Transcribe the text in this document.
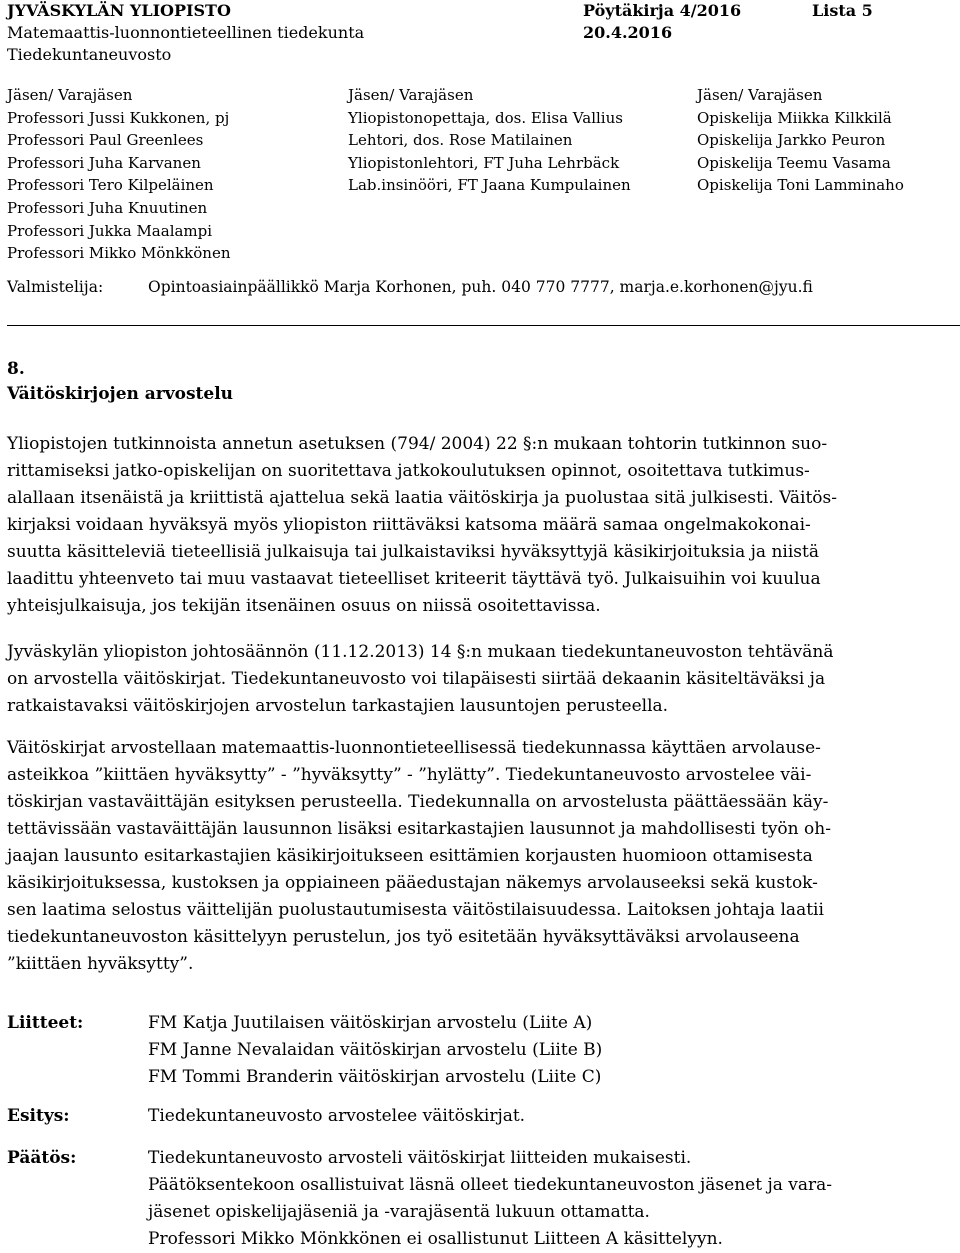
JYVÄSKYLÄN YLIOPISTO
Matemaattis-luonnontieteellinen tiedekunta
Tiedekuntaneuvosto
Pöytäkirja 4/2016
20.4.2016
Lista 5
Jäsen/ Varajäsen
Professori Jussi Kukkonen, pj
Professori Paul Greenlees
Professori Juha Karvanen
Professori Tero Kilpeläinen
Professori Juha Knuutinen
Professori Jukka Maalampi
Professori Mikko Mönkkönen
Jäsen/ Varajäsen
Yliopistonopettaja, dos. Elisa Vallius
Lehtori, dos. Rose Matilainen
Yliopistonlehtori, FT Juha Lehrbäck
Lab.insinööri, FT Jaana Kumpulainen
Jäsen/ Varajäsen
Opiskelija Miikka Kilkkilä
Opiskelija Jarkko Peuron
Opiskelija Teemu Vasama
Opiskelija Toni Lamminaho
Valmistelija:	Opintoasiainpäällikkö Marja Korhonen, puh. 040 770 7777, marja.e.korhonen@jyu.fi
8.
Väitöskirjojen arvostelu

Yliopistojen tutkinnoista annetun asetuksen (794/ 2004) 22 §:n mukaan tohtorin tutkinnon suo-
rittamiseksi jatko-opiskelijan on suoritettava jatkokoulutuksen opinnot, osoitettava tutkimus-
alallaan itsenäistä ja kriittistä ajattelua sekä laatia väitöskirja ja puolustaa sitä julkisesti. Väitös-
kirjaksi voidaan hyväksyä myös yliopiston riittäväksi katsoma määrä samaa ongelmakokonai-
suutta käsitteleviä tieteellisiä julkaisuja tai julkaistaviksi hyväksyttyjä käsikirjoituksia ja niistä
laadittu yhteenveto tai muu vastaavat tieteelliset kriteerit täyttävä työ. Julkaisuihin voi kuulua
yhteisjulkaisuja, jos tekijän itsenäinen osuus on niissä osoitettavissa.

Jyväskylän yliopiston johtosäännön (11.12.2013) 14 §:n mukaan tiedekuntaneuvoston tehtävänä
on arvostella väitöskirjat. Tiedekuntaneuvosto voi tilapäisesti siirtää dekaanin käsiteltäväksi ja
ratkaistavaksi väitöskirjojen arvostelun tarkastajien lausuntojen perusteella.

Väitöskirjat arvostellaan matemaattis-luonnontieteellisessä tiedekunnassa käyttäen arvolause-
asteikkoa ”kiittäen hyväksytty” - ”hyväksytty” - ”hylätty”. Tiedekuntaneuvosto arvostelee väi-
töskirjan vastaväittäjän esityksen perusteella. Tiedekunnalla on arvostelusta päättäessään käy-
tettävissään vastaväittäjän lausunnon lisäksi esitarkastajien lausunnot ja mahdollisesti työn oh-
jaajan lausunto esitarkastajien käsikirjoitukseen esittämien korjausten huomioon ottamisesta
käsikirjoituksessa, kustoksen ja oppiaineen pääedustajan näkemys arvolauseeksi sekä kustok-
sen laatima selostus väittelijän puolustautumisesta väitöstilaisuudessa. Laitoksen johtaja laatii
tiedekuntaneuvoston käsittelyyn perustelun, jos työ esitetään hyväksyttäväksi arvolauseena
”kiittäen hyväksytty”.

Liitteet:	FM Katja Juutilaisen väitöskirjan arvostelu (Liite A)
FM Janne Nevalaidan väitöskirjan arvostelu (Liite B)
FM Tommi Branderin väitöskirjan arvostelu (Liite C)
Esitys:	Tiedekuntaneuvosto arvostelee väitöskirjat.
Päätös:	Tiedekuntaneuvosto arvosteli väitöskirjat liitteiden mukaisesti.
Päätöksentekoon osallistuivat läsnä olleet tiedekuntaneuvoston jäsenet ja vara-
jäsenet opiskelijajäseniä ja -varajäsentä lukuun ottamatta.
Professori Mikko Mönkkönen ei osallistunut Liitteen A käsittelyyn.
